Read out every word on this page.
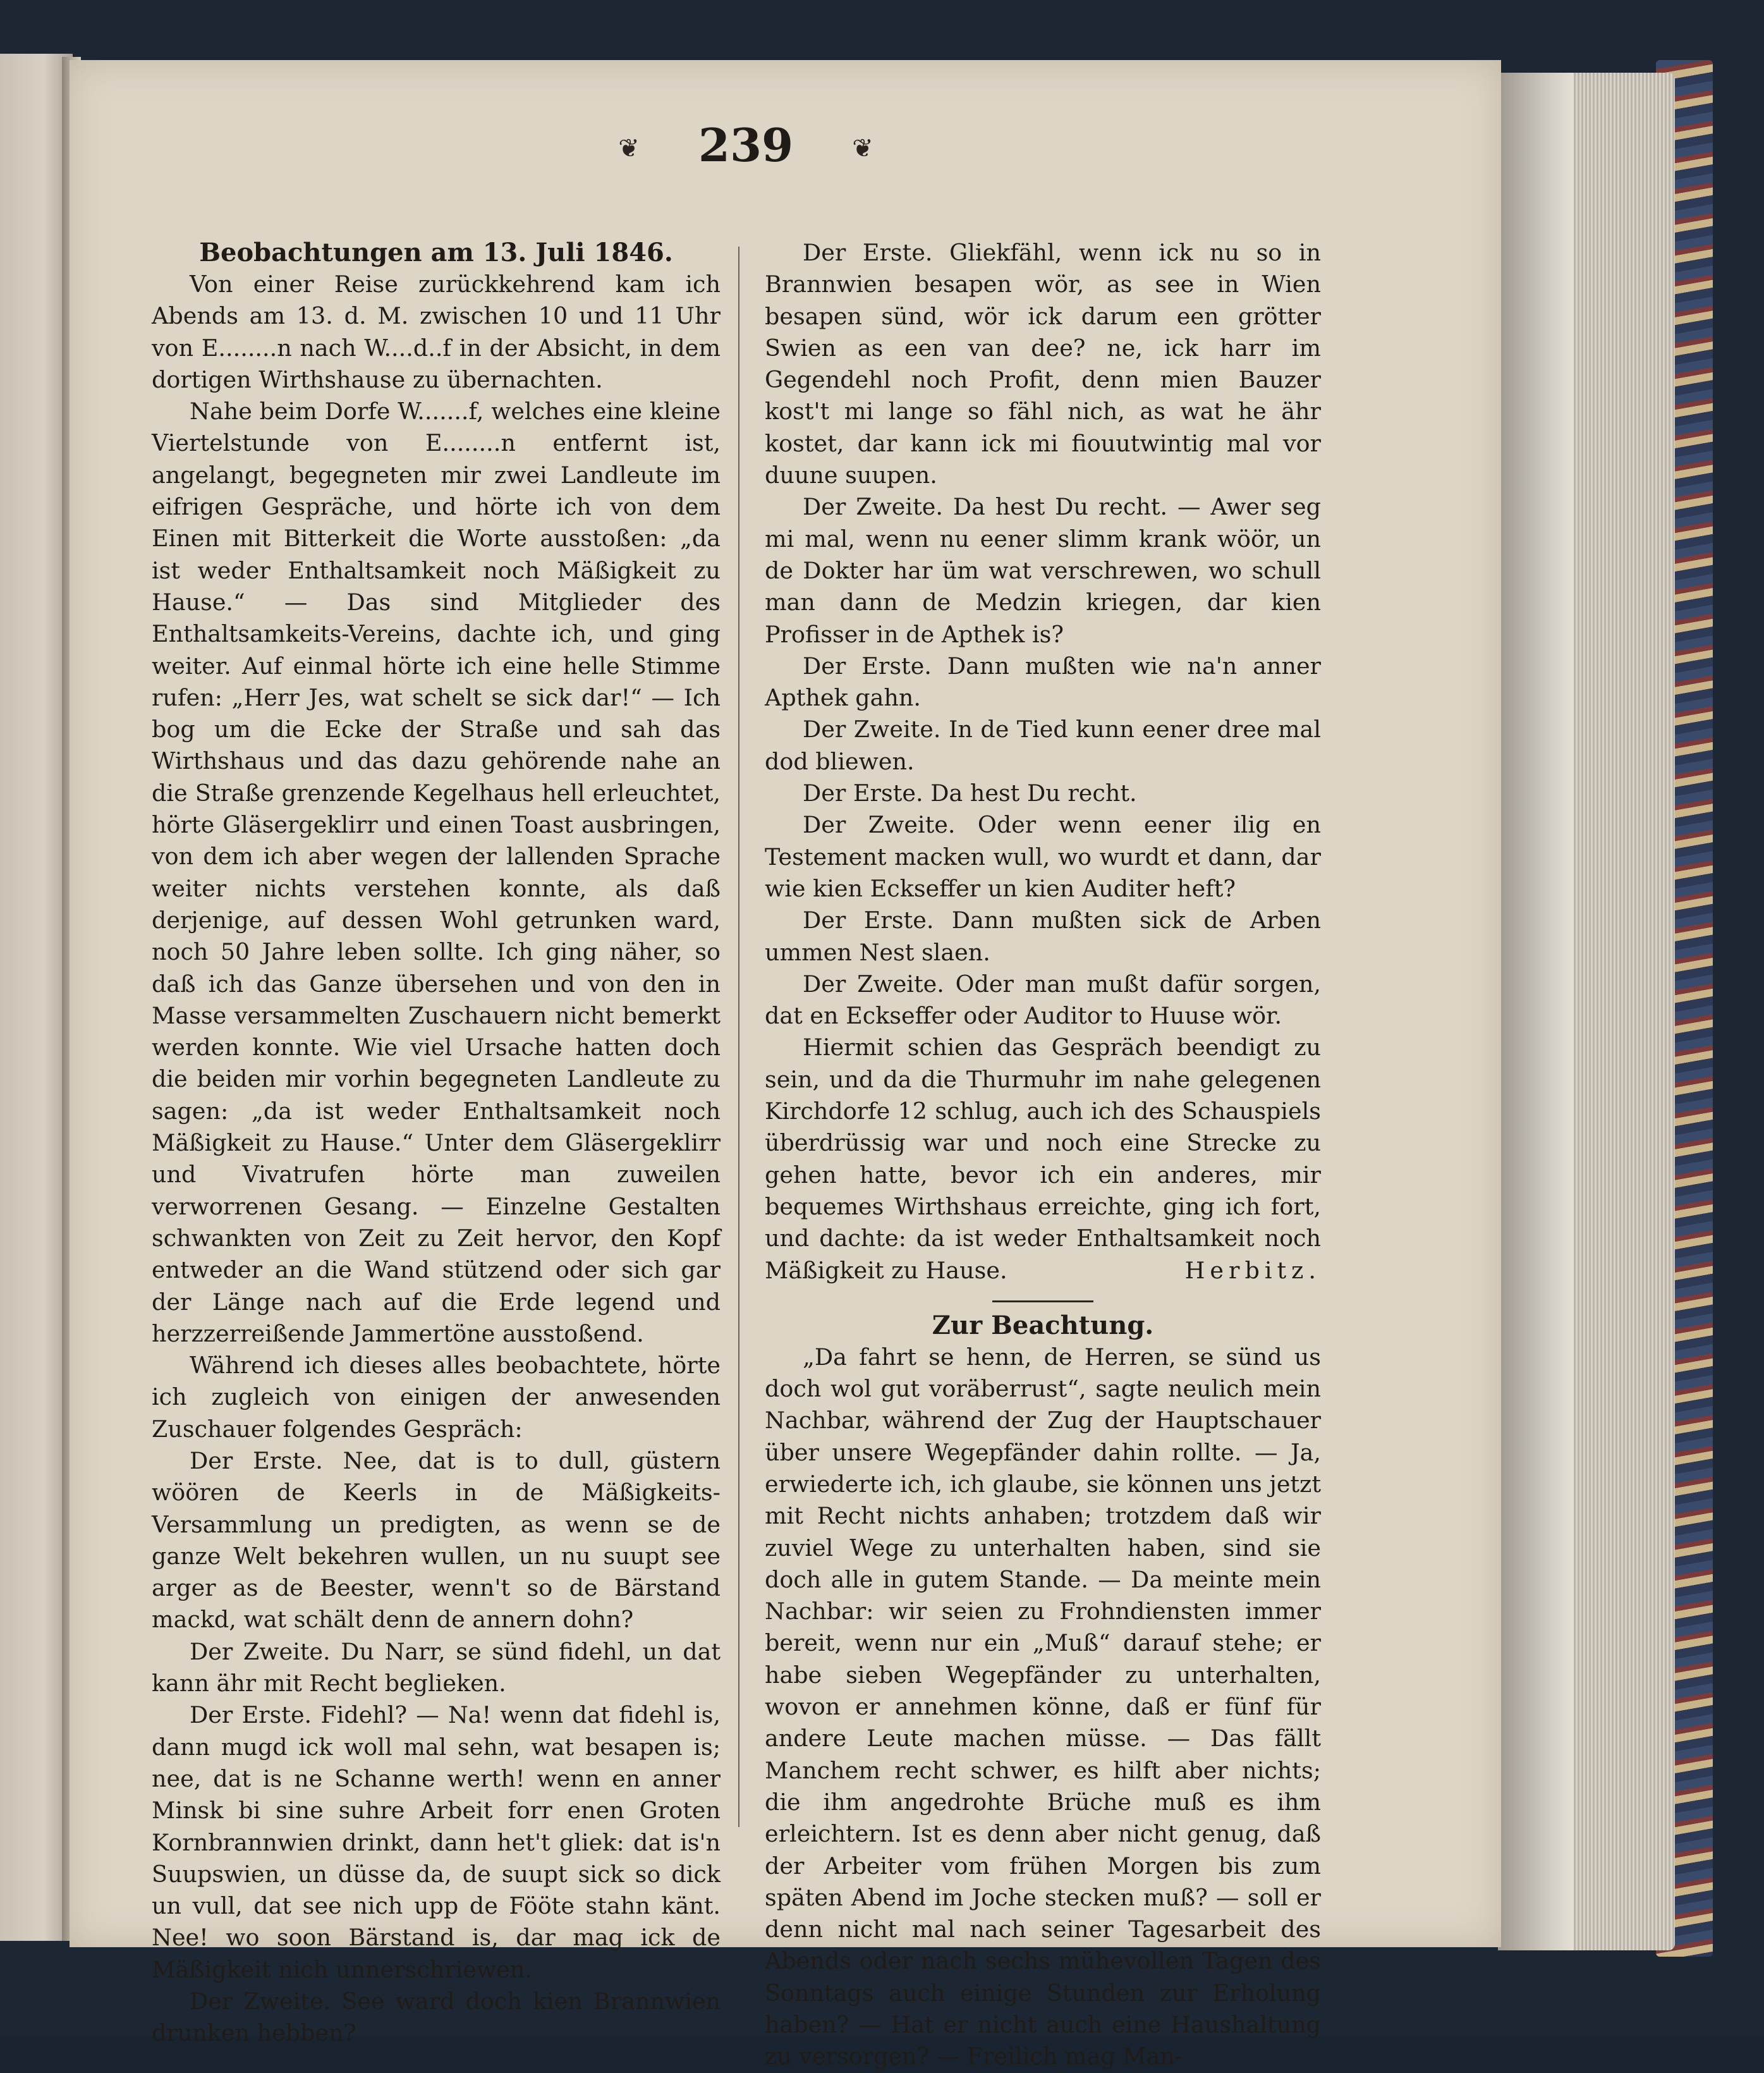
❦	239	❦
Beobachtungen am 13. Juli 1846.

Von einer Reise zurückkehrend kam ich Abends am 13. d. M. zwischen 10 und 11 Uhr von E........n nach W....d..f in der Absicht, in dem dortigen Wirthshause zu übernachten.

Nahe beim Dorfe W.......f, welches eine kleine Viertelstunde von E........n entfernt ist, angelangt, begegneten mir zwei Landleute im eifrigen Gespräche, und hörte ich von dem Einen mit Bitterkeit die Worte ausstoßen: „da ist weder Enthaltsamkeit noch Mäßigkeit zu Hause.“ — Das sind Mitglieder des Enthaltsamkeits-Vereins, dachte ich, und ging weiter. Auf einmal hörte ich eine helle Stimme rufen: „Herr Jes, wat schelt se sick dar!“ — Ich bog um die Ecke der Straße und sah das Wirthshaus und das dazu gehörende nahe an die Straße grenzende Kegelhaus hell erleuchtet, hörte Gläsergeklirr und einen Toast ausbringen, von dem ich aber wegen der lallenden Sprache weiter nichts verstehen konnte, als daß derjenige, auf dessen Wohl getrunken ward, noch 50 Jahre leben sollte. Ich ging näher, so daß ich das Ganze übersehen und von den in Masse versammelten Zuschauern nicht bemerkt werden konnte. Wie viel Ursache hatten doch die beiden mir vorhin begegneten Landleute zu sagen: „da ist weder Enthaltsamkeit noch Mäßigkeit zu Hause.“ Unter dem Gläsergeklirr und Vivatrufen hörte man zuweilen verworrenen Gesang. — Einzelne Gestalten schwankten von Zeit zu Zeit hervor, den Kopf entweder an die Wand stützend oder sich gar der Länge nach auf die Erde legend und herzzerreißende Jammertöne ausstoßend.

Während ich dieses alles beobachtete, hörte ich zugleich von einigen der anwesenden Zuschauer folgendes Gespräch:

Der Erste. Nee, dat is to dull, güstern wöören de Keerls in de Mäßigkeits-Versammlung un predigten, as wenn se de ganze Welt bekehren wullen, un nu suupt see arger as de Beester, wenn't so de Bärstand mackd, wat schält denn de annern dohn?

Der Zweite. Du Narr, se sünd fidehl, un dat kann ähr mit Recht beglieken.

Der Erste. Fidehl? — Na! wenn dat fidehl is, dann mugd ick woll mal sehn, wat besapen is; nee, dat is ne Schanne werth! wenn en anner Minsk bi sine suhre Arbeit forr enen Groten Kornbrannwien drinkt, dann het't gliek: dat is'n Suupswien, un düsse da, de suupt sick so dick un vull, dat see nich upp de Fööte stahn känt. Nee! wo soon Bärstand is, dar mag ick de Mäßigkeit nich unnerschriewen.

Der Zweite. See ward doch kien Brannwien drunken hebben?

Der Erste. Gliekfähl, wenn ick nu so in Brannwien besapen wör, as see in Wien besapen sünd, wör ick darum een grötter Swien as een van dee? ne, ick harr im Gegendehl noch Profit, denn mien Bauzer kost't mi lange so fähl nich, as wat he ähr kostet, dar kann ick mi fiouutwintig mal vor duune suupen.

Der Zweite. Da hest Du recht. — Awer seg mi mal, wenn nu eener slimm krank wöör, un de Dokter har üm wat verschrewen, wo schull man dann de Medzin kriegen, dar kien Profisser in de Apthek is?

Der Erste. Dann mußten wie na'n anner Apthek gahn.

Der Zweite. In de Tied kunn eener dree mal dod bliewen.

Der Erste. Da hest Du recht.

Der Zweite. Oder wenn eener ilig en Testement macken wull, wo wurdt et dann, dar wie kien Eckseffer un kien Auditer heft?

Der Erste. Dann mußten sick de Arben ummen Nest slaen.

Der Zweite. Oder man mußt dafür sorgen, dat en Eckseffer oder Auditor to Huuse wör.

Hiermit schien das Gespräch beendigt zu sein, und da die Thurmuhr im nahe gelegenen Kirchdorfe 12 schlug, auch ich des Schauspiels überdrüssig war und noch eine Strecke zu gehen hatte, bevor ich ein anderes, mir bequemes Wirthshaus erreichte, ging ich fort, und dachte: da ist weder Enthaltsamkeit noch Mäßigkeit zu Hause.	Herbitz.

Zur Beachtung.

„Da fahrt se henn, de Herren, se sünd us doch wol gut voräberrust“, sagte neulich mein Nachbar, während der Zug der Hauptschauer über unsere Wegepfänder dahin rollte. — Ja, erwiederte ich, ich glaube, sie können uns jetzt mit Recht nichts anhaben; trotzdem daß wir zuviel Wege zu unterhalten haben, sind sie doch alle in gutem Stande. — Da meinte mein Nachbar: wir seien zu Frohndiensten immer bereit, wenn nur ein „Muß“ darauf stehe; er habe sieben Wegepfänder zu unterhalten, wovon er annehmen könne, daß er fünf für andere Leute machen müsse. — Das fällt Manchem recht schwer, es hilft aber nichts; die ihm angedrohte Brüche muß es ihm erleichtern. Ist es denn aber nicht genug, daß der Arbeiter vom frühen Morgen bis zum späten Abend im Joche stecken muß? — soll er denn nicht mal nach seiner Tagesarbeit des Abends oder nach sechs mühevollen Tagen des Sonntags auch einige Stunden zur Erholung haben? — Hat er nicht auch eine Haushaltung zu versorgen? — Freilich mag Man-
